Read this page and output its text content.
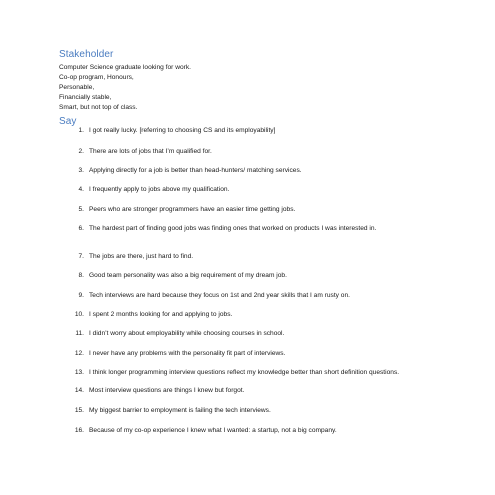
Stakeholder
Computer Science graduate looking for work.
Co-op program, Honours,
Personable,
Financially stable,
Smart, but not top of class.
Say
1. I got really lucky. [referring to choosing CS and its employability]
2. There are lots of jobs that I’m qualified for.
3. Applying directly for a job is better than head-hunters/ matching services.
4. I frequently apply to jobs above my qualification.
5. Peers who are stronger programmers have an easier time getting jobs.
6. The hardest part of finding good jobs was finding ones that worked on products I was interested in.
7. The jobs are there, just hard to find.
8. Good team personality was also a big requirement of my dream job.
9. Tech interviews are hard because they focus on 1st and 2nd year skills that I am rusty on.
10. I spent 2 months looking for and applying to jobs.
11. I didn’t worry about employability while choosing courses in school.
12. I never have any problems with the personality fit part of interviews.
13. I think longer programming interview questions reflect my knowledge better than short definition questions.
14. Most interview questions are things I knew but forgot.
15. My biggest barrier to employment is failing the tech interviews.
16. Because of my co-op experience I knew what I wanted: a startup, not a big company.
